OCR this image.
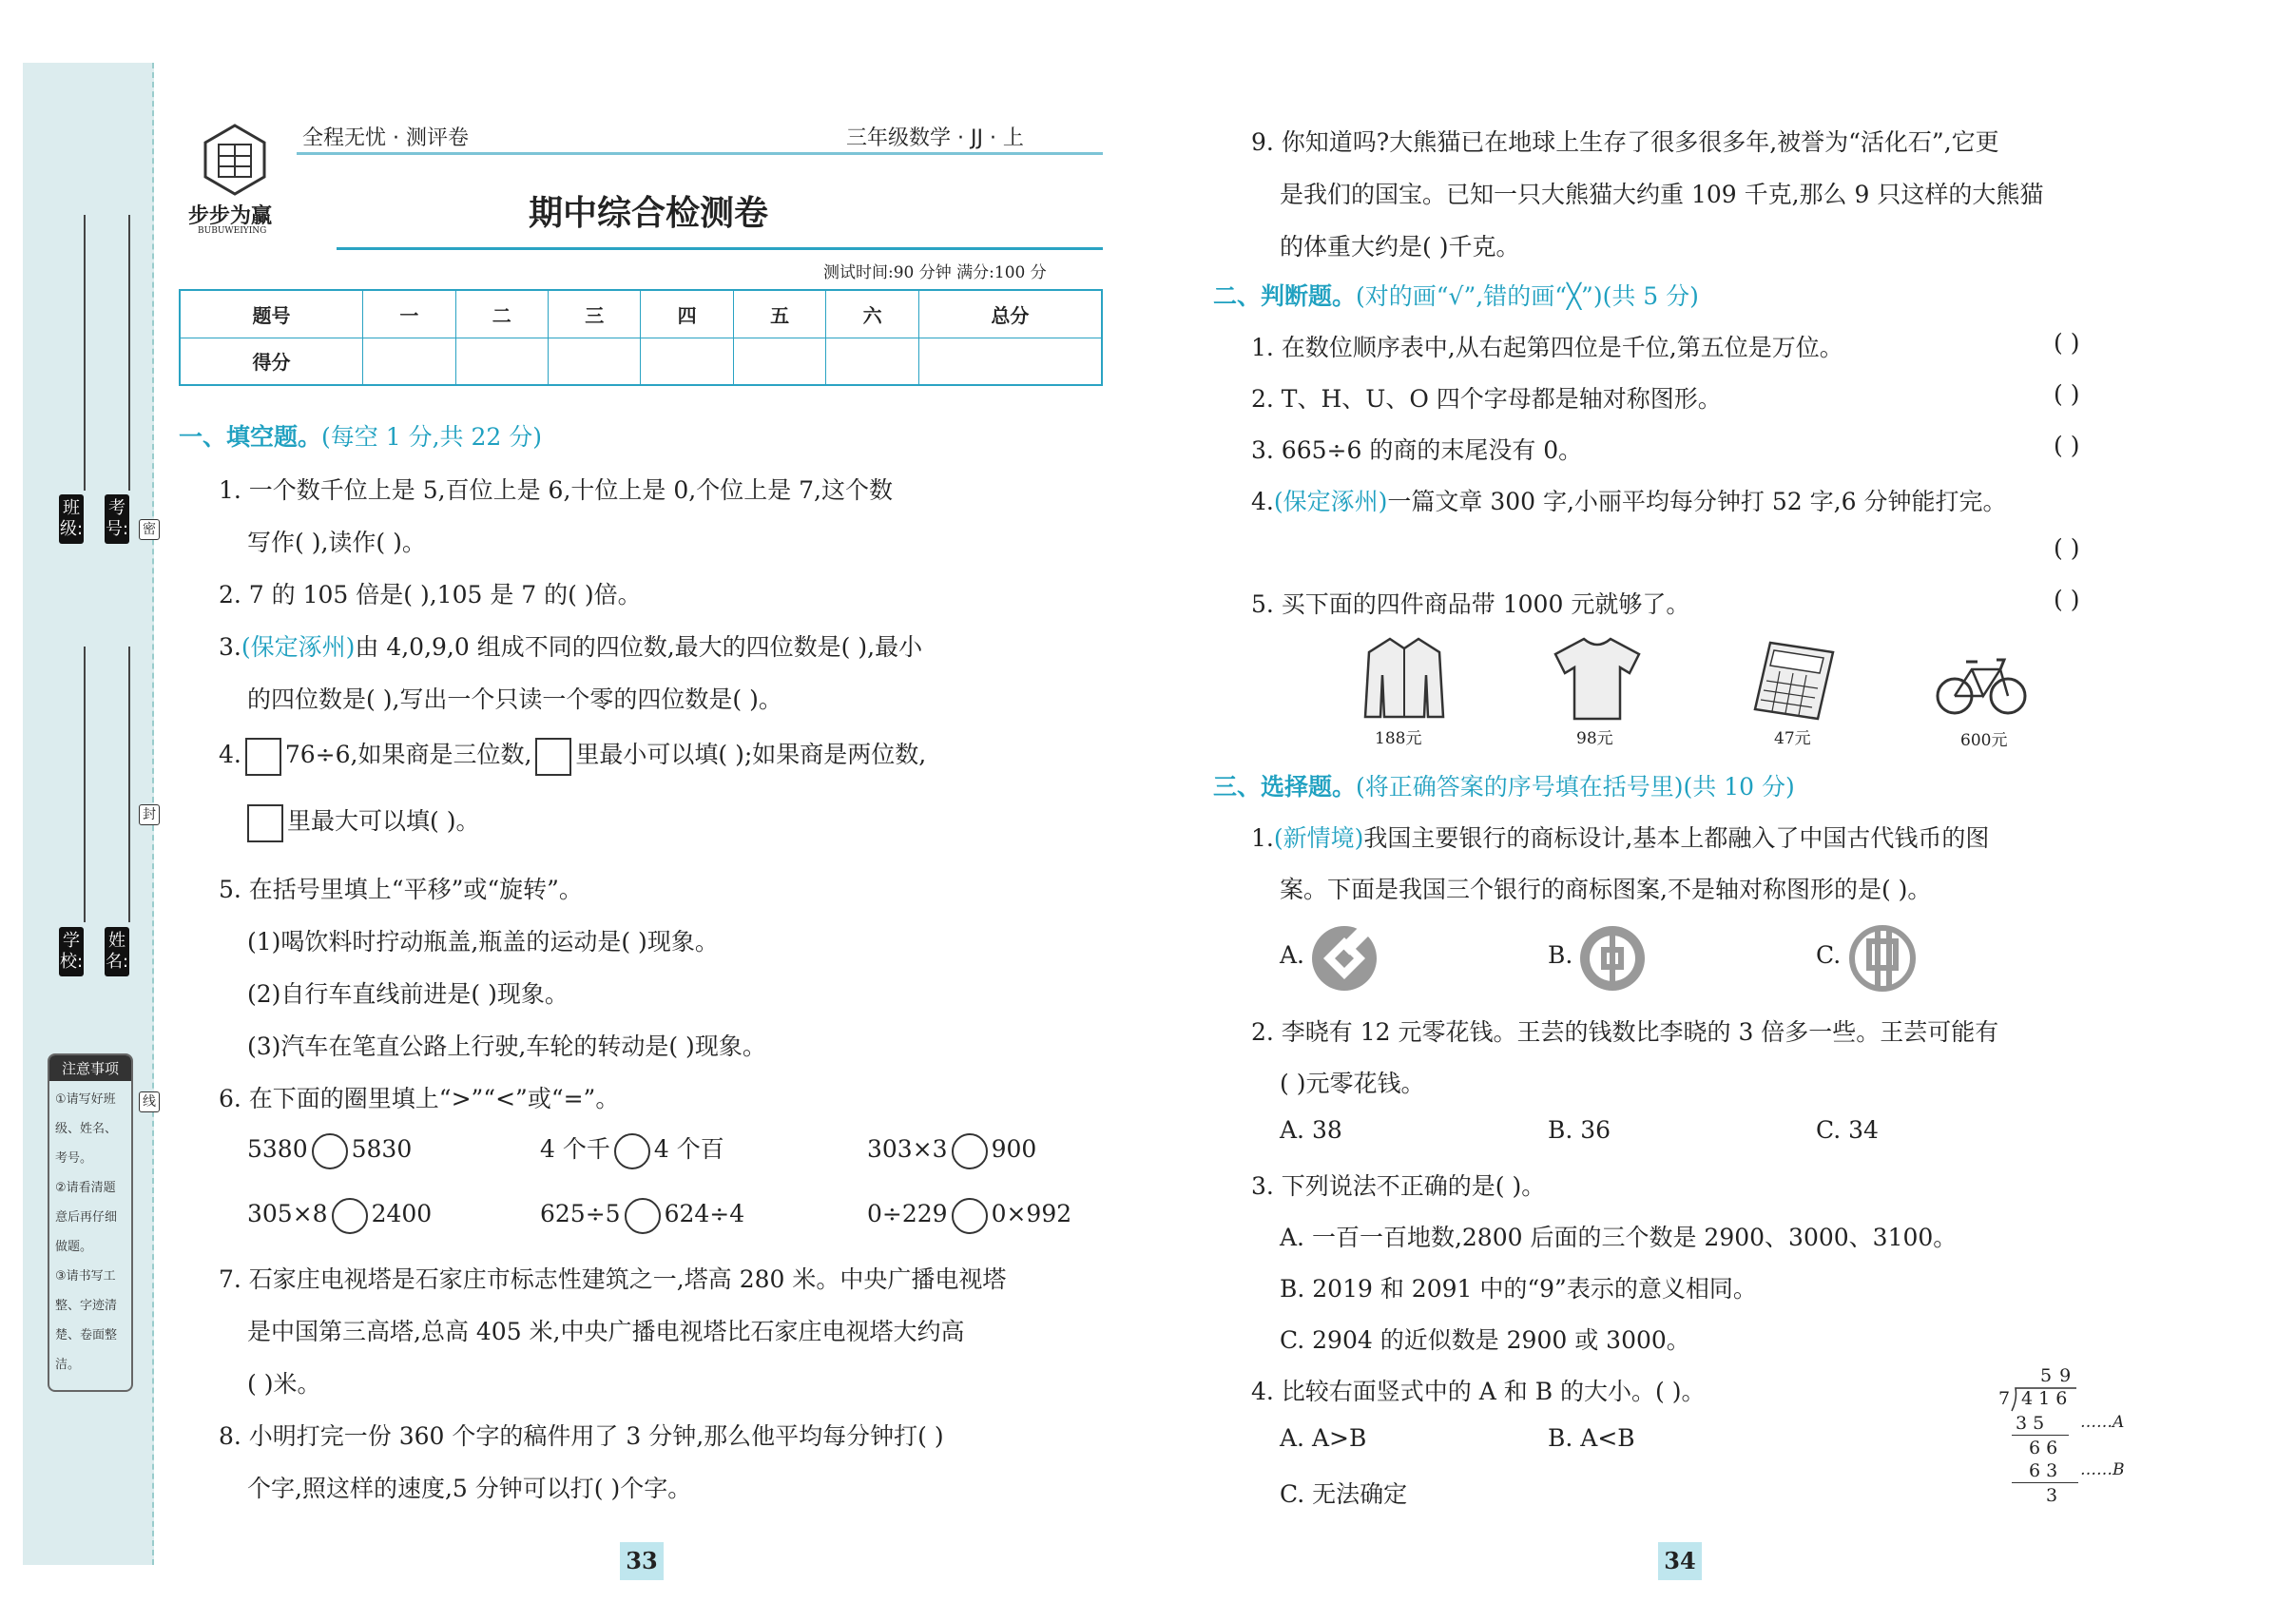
班级:
考号:
学校:
姓名:
密
封
线
注意事项
①请写好班
级、姓名、
考号。
②请看清题
意后再仔细
做题。
③请书写工
整、字迹清
楚、卷面整
洁。
步步为赢
BUBUWEIYING
全程无忧 · 测评卷	三年级数学 · JJ · 上
期中综合检测卷
测试时间:90 分钟 满分:100 分
题号	一	二	三	四	五	六	总分
得分							
一、填空题。(每空 1 分,共 22 分)
1. 一个数千位上是 5,百位上是 6,十位上是 0,个位上是 7,这个数
写作( ),读作( )。
2. 7 的 105 倍是( ),105 是 7 的( )倍。
3.(保定涿州)由 4,0,9,0 组成不同的四位数,最大的四位数是( ),最小
的四位数是( ),写出一个只读一个零的四位数是( )。
4. 76÷6,如果商是三位数, 里最小可以填( );如果商是两位数,
里最大可以填( )。
5. 在括号里填上“平移”或“旋转”。
(1)喝饮料时拧动瓶盖,瓶盖的运动是( )现象。
(2)自行车直线前进是( )现象。
(3)汽车在笔直公路上行驶,车轮的转动是( )现象。
6. 在下面的圈里填上“>”“<”或“=”。
5380 5830	4 个千 4 个百	303×3 900
305×8 2400	625÷5 624÷4	0÷229 0×992
7. 石家庄电视塔是石家庄市标志性建筑之一,塔高 280 米。中央广播电视塔
是中国第三高塔,总高 405 米,中央广播电视塔比石家庄电视塔大约高
( )米。
8. 小明打完一份 360 个字的稿件用了 3 分钟,那么他平均每分钟打( )
个字,照这样的速度,5 分钟可以打( )个字。
33
9. 你知道吗?大熊猫已在地球上生存了很多很多年,被誉为“活化石”,它更
是我们的国宝。已知一只大熊猫大约重 109 千克,那么 9 只这样的大熊猫
的体重大约是( )千克。
二、判断题。(对的画“√”,错的画“╳”)(共 5 分)
1. 在数位顺序表中,从右起第四位是千位,第五位是万位。	( )
2. T、H、U、O 四个字母都是轴对称图形。	( )
3. 665÷6 的商的末尾没有 0。	( )
4.(保定涿州)一篇文章 300 字,小丽平均每分钟打 52 字,6 分钟能打完。
( )
5. 买下面的四件商品带 1000 元就够了。	( )
188元	98元	47元	600元
三、选择题。(将正确答案的序号填在括号里)(共 10 分)
1.(新情境)我国主要银行的商标设计,基本上都融入了中国古代钱币的图
案。下面是我国三个银行的商标图案,不是轴对称图形的是( )。
A.	B.	C.
2. 李晓有 12 元零花钱。王芸的钱数比李晓的 3 倍多一些。王芸可能有
( )元零花钱。
A. 38	B. 36	C. 34
3. 下列说法不正确的是( )。
A. 一百一百地数,2800 后面的三个数是 2900、3000、3100。
B. 2019 和 2091 中的“9”表示的意义相同。
C. 2904 的近似数是 2900 或 3000。
4. 比较右面竖式中的 A 和 B 的大小。( )。
A. A>B	B. A<B
C. 无法确定
5 9
7 4 1 6
3 5 ……A
6 6
6 3 ……B
3
34
